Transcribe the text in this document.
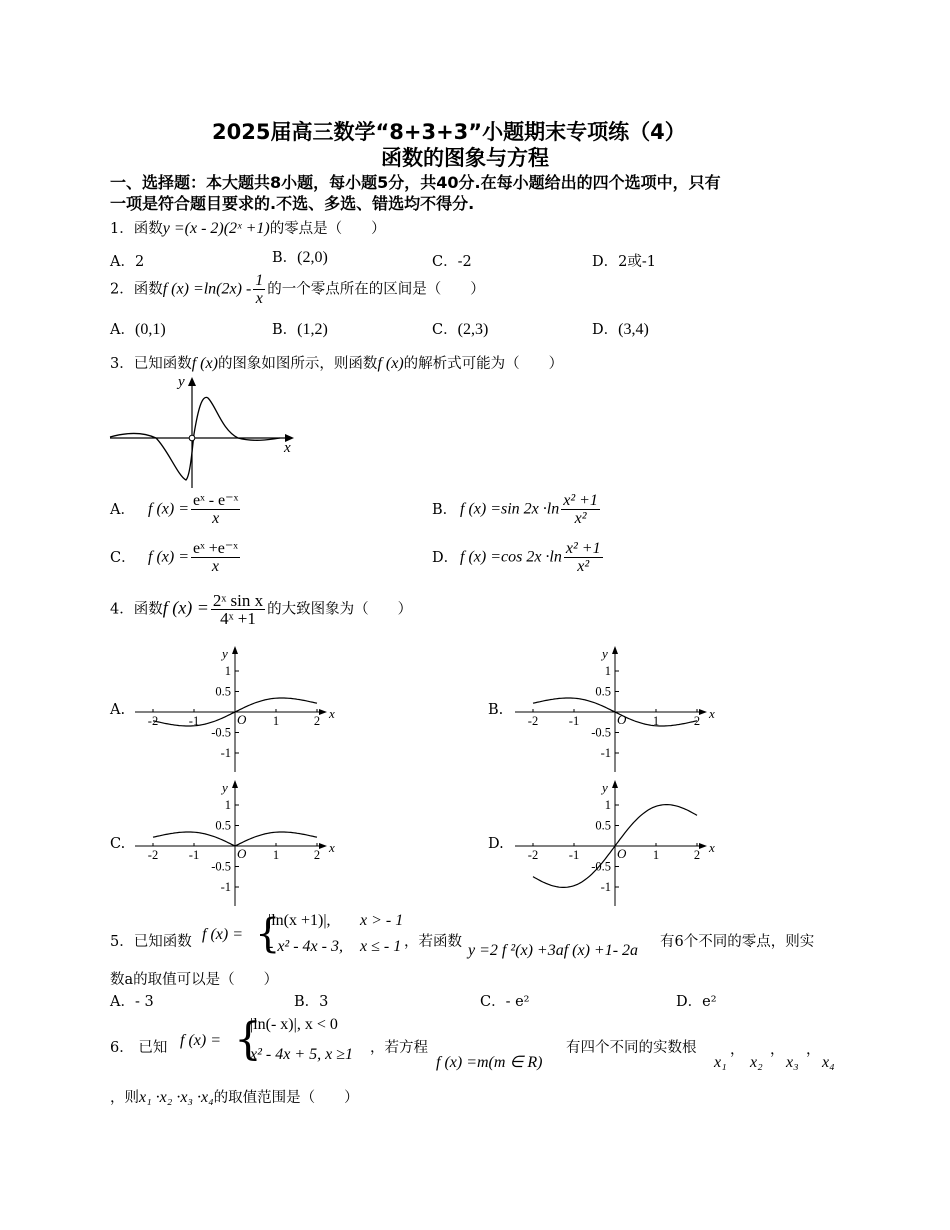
2025届高三数学“8+3+3”小题期末专项练（4）
函数的图象与方程
一、选择题：本大题共8小题，每小题5分，共40分.在每小题给出的四个选项中，只有
一项是符合题目要求的.不选、多选、错选均不得分.
1．函数y =(x - 2)(2ˣ +1)的零点是（　　）
A．2	B．(2,0)	C．-2	D．2或-1
2．函数f $(x) =\ln(2x) - \frac{1}{x}$ 的一个零点所在的区间是（　　）
A．(0,1)	B．(1,2)	C．(2,3)	D．(3,4)
3．已知函数f (x)的图象如图所示，则函数f (x)的解析式可能为（　　）
y
x
A． f $(x) = \frac{\text{eˣ - e⁻ˣ}}{x}$	B． f (x) =sin $2x \cdot\ln \frac{\text{x² +1}}{\text{x²}}$
C． f $(x) = \frac{\text{eˣ +e⁻ˣ}}{x}$	D． f (x) =cos $2x \cdot\ln \frac{\text{x² +1}}{\text{x²}}$
4．函数f $(x) = \frac{\text{2ˣ sin x}}{\text{4ˣ +1}}$ 的大致图象为（　　）
A.	B.
C.	D.
y
x
O
1
0.5
-0.5
-1
-2 -1	1	2
y
x
O
1
0.5
-0.5
-1
-2 -1	1	2
y
x
O
1
0.5
-0.5
-1
-2 -1	1	2
y
x
O
1
0.5
-0.5
-1
-2 -1	1	2
5．已知函数 f (x) = {
|ln(x +1)|, x > - 1
- x² - 4x - 3, x ≤ - 1 ，若函数 y =2 f ²(x) +3af (x) +1- 2a 有6个不同的零点，则实
数a的取值可以是（　　）
A．- 3	B．3	C．- e²	D．e²
6． 已知 f (x) = {
|ln(- x)|, x < 0
x² - 4x + 5, x ≥1 ，若方程
f (x) =m(m ∈ R)
有四个不同的实数根
x₁
，
x₂
，
x₃
，
x₄
，则x₁ ·x₂ ·x₃ ·x₄的取值范围是（　　）
